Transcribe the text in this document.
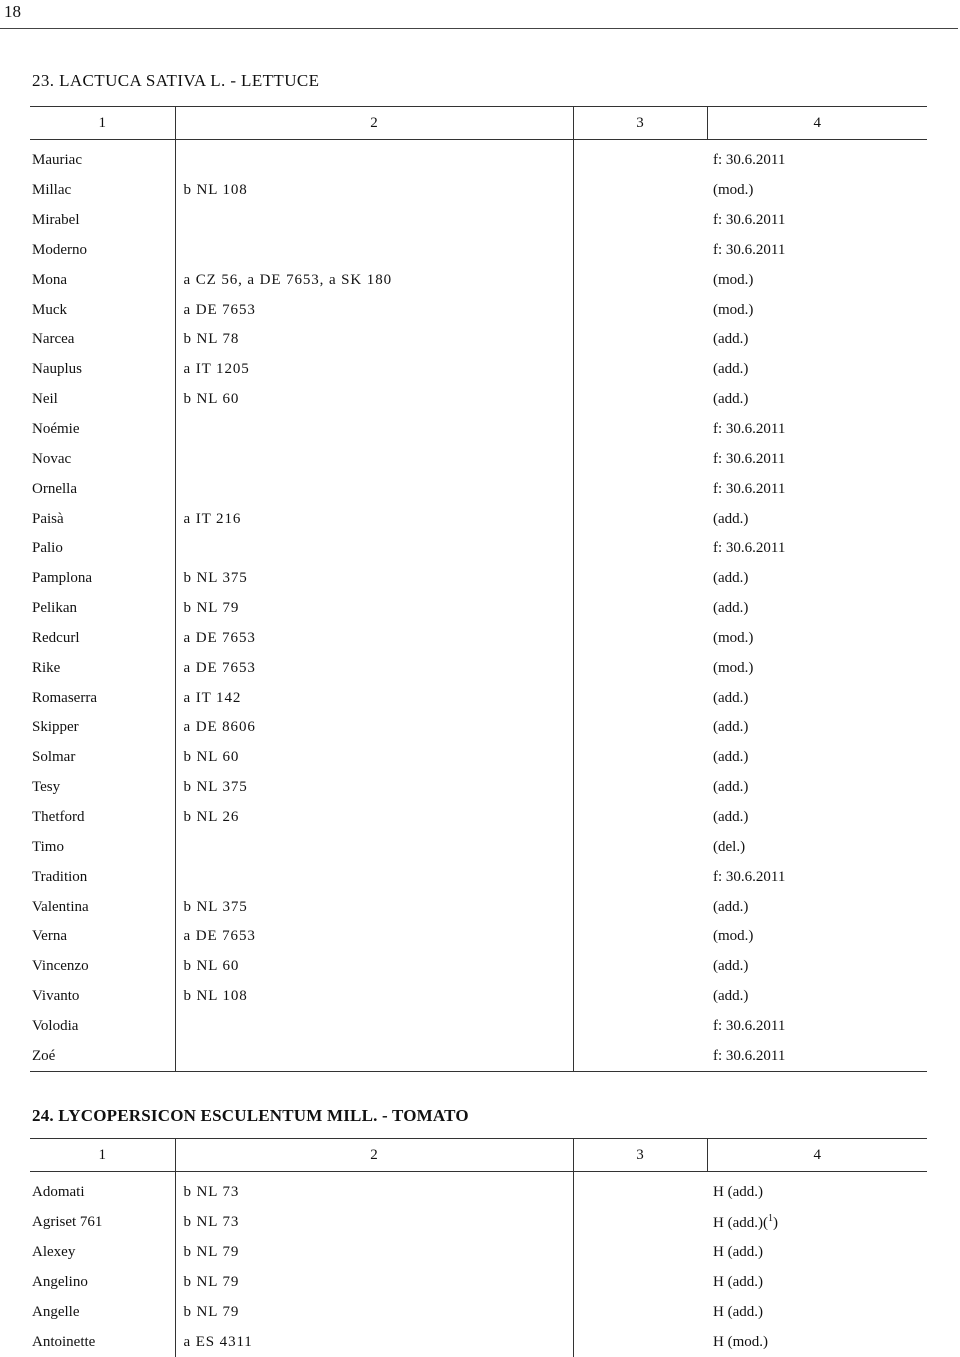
18
23. LACTUCA SATIVA L. - LETTUCE
1	2	3	4
Mauriac			f: 30.6.2011
Millac	b NL 108		(mod.)
Mirabel			f: 30.6.2011
Moderno			f: 30.6.2011
Mona	a CZ 56, a DE 7653, a SK 180		(mod.)
Muck	a DE 7653		(mod.)
Narcea	b NL 78		(add.)
Nauplus	a IT 1205		(add.)
Neil	b NL 60		(add.)
Noémie			f: 30.6.2011
Novac			f: 30.6.2011
Ornella			f: 30.6.2011
Paisà	a IT 216		(add.)
Palio			f: 30.6.2011
Pamplona	b NL 375		(add.)
Pelikan	b NL 79		(add.)
Redcurl	a DE 7653		(mod.)
Rike	a DE 7653		(mod.)
Romaserra	a IT 142		(add.)
Skipper	a DE 8606		(add.)
Solmar	b NL 60		(add.)
Tesy	b NL 375		(add.)
Thetford	b NL 26		(add.)
Timo			(del.)
Tradition			f: 30.6.2011
Valentina	b NL 375		(add.)
Verna	a DE 7653		(mod.)
Vincenzo	b NL 60		(add.)
Vivanto	b NL 108		(add.)
Volodia			f: 30.6.2011
Zoé			f: 30.6.2011
24. LYCOPERSICON ESCULENTUM MILL. - TOMATO
1	2	3	4
Adomati	b NL 73		H (add.)
Agriset 761	b NL 73		H (add.)($^1$)
Alexey	b NL 79		H (add.)
Angelino	b NL 79		H (add.)
Angelle	b NL 79		H (add.)
Antoinette	a ES 4311		H (mod.)
